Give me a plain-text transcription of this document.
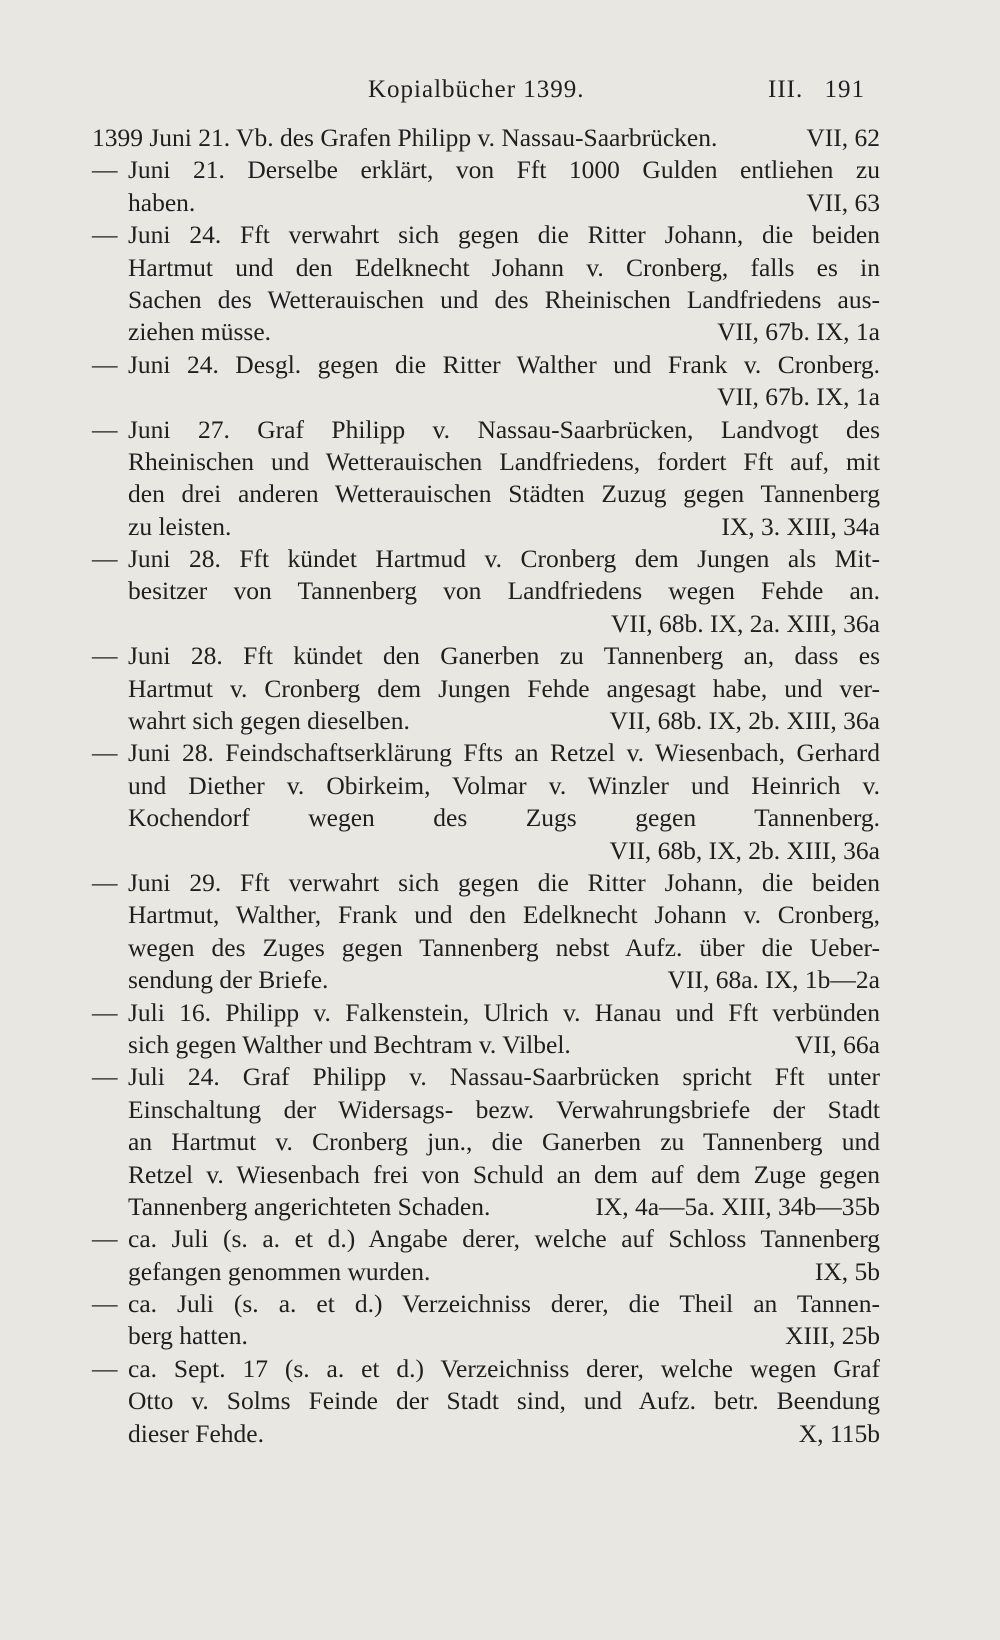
Kopialbücher 1399.	III. 191
1399 Juni 21. Vb. des Grafen Philipp v. Nassau-Saarbrücken.	VII, 62
— Juni 21. Derselbe erklärt, von Fft 1000 Gulden entliehen zu
haben.	VII, 63
— Juni 24. Fft verwahrt sich gegen die Ritter Johann, die beiden
Hartmut und den Edelknecht Johann v. Cronberg, falls es in
Sachen des Wetterauischen und des Rheinischen Landfriedens aus-
ziehen müsse.	VII, 67b. IX, 1a
— Juni 24. Desgl. gegen die Ritter Walther und Frank v. Cronberg.
VII, 67b. IX, 1a
— Juni 27. Graf Philipp v. Nassau-Saarbrücken, Landvogt des
Rheinischen und Wetterauischen Landfriedens, fordert Fft auf, mit
den drei anderen Wetterauischen Städten Zuzug gegen Tannenberg
zu leisten.	IX, 3. XIII, 34a
— Juni 28. Fft kündet Hartmud v. Cronberg dem Jungen als Mit-
besitzer von Tannenberg von Landfriedens wegen Fehde an.
VII, 68b. IX, 2a. XIII, 36a
— Juni 28. Fft kündet den Ganerben zu Tannenberg an, dass es
Hartmut v. Cronberg dem Jungen Fehde angesagt habe, und ver-
wahrt sich gegen dieselben.	VII, 68b. IX, 2b. XIII, 36a
— Juni 28. Feindschaftserklärung Ffts an Retzel v. Wiesenbach, Gerhard
und Diether v. Obirkeim, Volmar v. Winzler und Heinrich v.
Kochendorf wegen des Zugs gegen Tannenberg.
VII, 68b, IX, 2b. XIII, 36a
— Juni 29. Fft verwahrt sich gegen die Ritter Johann, die beiden
Hartmut, Walther, Frank und den Edelknecht Johann v. Cronberg,
wegen des Zuges gegen Tannenberg nebst Aufz. über die Ueber-
sendung der Briefe.	VII, 68a. IX, 1b—2a
— Juli 16. Philipp v. Falkenstein, Ulrich v. Hanau und Fft verbünden
sich gegen Walther und Bechtram v. Vilbel.	VII, 66a
— Juli 24. Graf Philipp v. Nassau-Saarbrücken spricht Fft unter
Einschaltung der Widersags- bezw. Verwahrungsbriefe der Stadt
an Hartmut v. Cronberg jun., die Ganerben zu Tannenberg und
Retzel v. Wiesenbach frei von Schuld an dem auf dem Zuge gegen
Tannenberg angerichteten Schaden.	IX, 4a—5a. XIII, 34b—35b
— ca. Juli (s. a. et d.) Angabe derer, welche auf Schloss Tannenberg
gefangen genommen wurden.	IX, 5b
— ca. Juli (s. a. et d.) Verzeichniss derer, die Theil an Tannen-
berg hatten.	XIII, 25b
— ca. Sept. 17 (s. a. et d.) Verzeichniss derer, welche wegen Graf
Otto v. Solms Feinde der Stadt sind, und Aufz. betr. Beendung
dieser Fehde.	X, 115b
